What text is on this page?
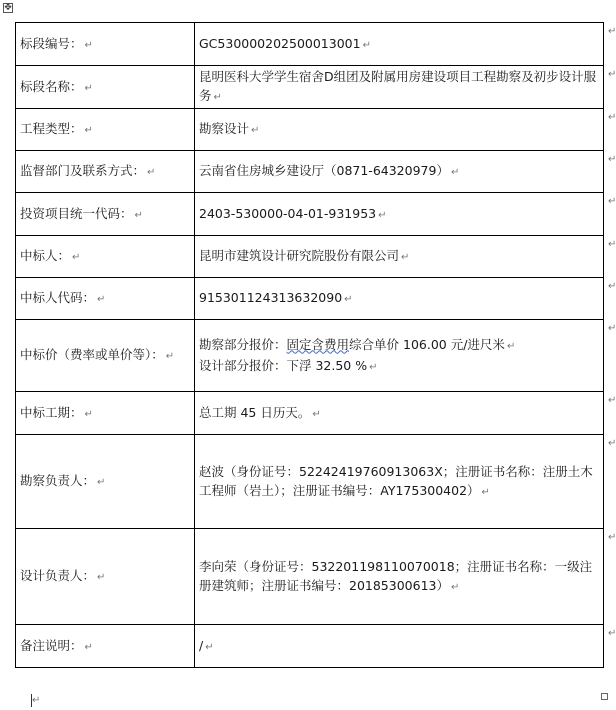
✥
标段编号： ↵	GC530000202500013001 ↵

标段名称： ↵	昆明医科大学学生宿舍D组团及附属用房建设项目工程勘察及初步设计服务 ↵

工程类型： ↵	勘察设计 ↵

监督部门及联系方式： ↵	云南省住房城乡建设厅（0871-64320979） ↵

投资项目统一代码： ↵	2403-530000-04-01-931953 ↵

中标人： ↵	昆明市建筑设计研究院股份有限公司 ↵

中标人代码： ↵	915301124313632090 ↵

中标价（费率或单价等）： ↵	勘察部分报价：固定含费用综合单价 106.00 元/进尺米 ↵
设计部分报价：下浮 32.50 % ↵

中标工期： ↵	总工期 45 日历天。 ↵

勘察负责人： ↵	赵波（身份证号：52242419760913063X；注册证书名称：注册土木工程师（岩土）；注册证书编号：AY175300402） ↵

设计负责人： ↵	李向荣（身份证号：532201198110070018；注册证书名称：一级注册建筑师；注册证书编号：20185300613） ↵

备注说明： ↵	/ ↵
↵
↵
↵
↵
↵
↵
↵
↵
↵
↵
↵
↵
↵
